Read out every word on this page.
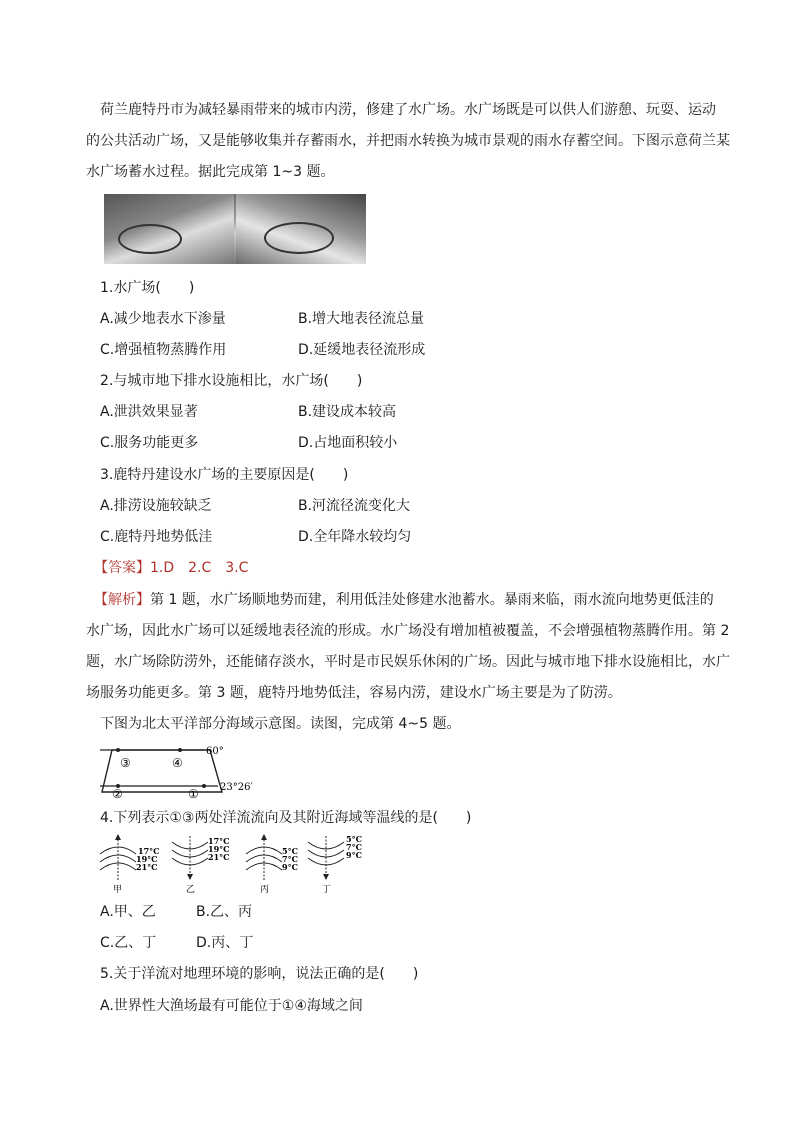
荷兰鹿特丹市为减轻暴雨带来的城市内涝，修建了水广场。水广场既是可以供人们游憩、玩耍、运动
的公共活动广场，又是能够收集并存蓄雨水，并把雨水转换为城市景观的雨水存蓄空间。下图示意荷兰某
水广场蓄水过程。据此完成第 1~3 题。
1.水广场(　　)
A.减少地表水下渗量	B.增大地表径流总量
C.增强植物蒸腾作用	D.延缓地表径流形成
2.与城市地下排水设施相比，水广场(　　)
A.泄洪效果显著	B.建设成本较高
C.服务功能更多	D.占地面积较小
3.鹿特丹建设水广场的主要原因是(　　)
A.排涝设施较缺乏	B.河流径流变化大
C.鹿特丹地势低洼	D.全年降水较均匀
【答案】1.D　2.C　3.C
【解析】第 1 题，水广场顺地势而建，利用低洼处修建水池蓄水。暴雨来临，雨水流向地势更低洼的
水广场，因此水广场可以延缓地表径流的形成。水广场没有增加植被覆盖，不会增强植物蒸腾作用。第 2
题，水广场除防涝外，还能储存淡水，平时是市民娱乐休闲的广场。因此与城市地下排水设施相比，水广
场服务功能更多。第 3 题，鹿特丹地势低洼，容易内涝，建设水广场主要是为了防涝。
下图为北太平洋部分海域示意图。读图，完成第 4~5 题。
60°
23°26′
③	④
②	①
4.下列表示①③两处洋流流向及其附近海域等温线的是(　　)
17°C
19°C
21°C
甲
17°C
19°C
21°C
乙
5°C
7°C
9°C
丙
5°C
7°C
9°C
丁
A.甲、乙	B.乙、丙
C.乙、丁	D.丙、丁
5.关于洋流对地理环境的影响，说法正确的是(　　)
A.世界性大渔场最有可能位于①④海域之间
